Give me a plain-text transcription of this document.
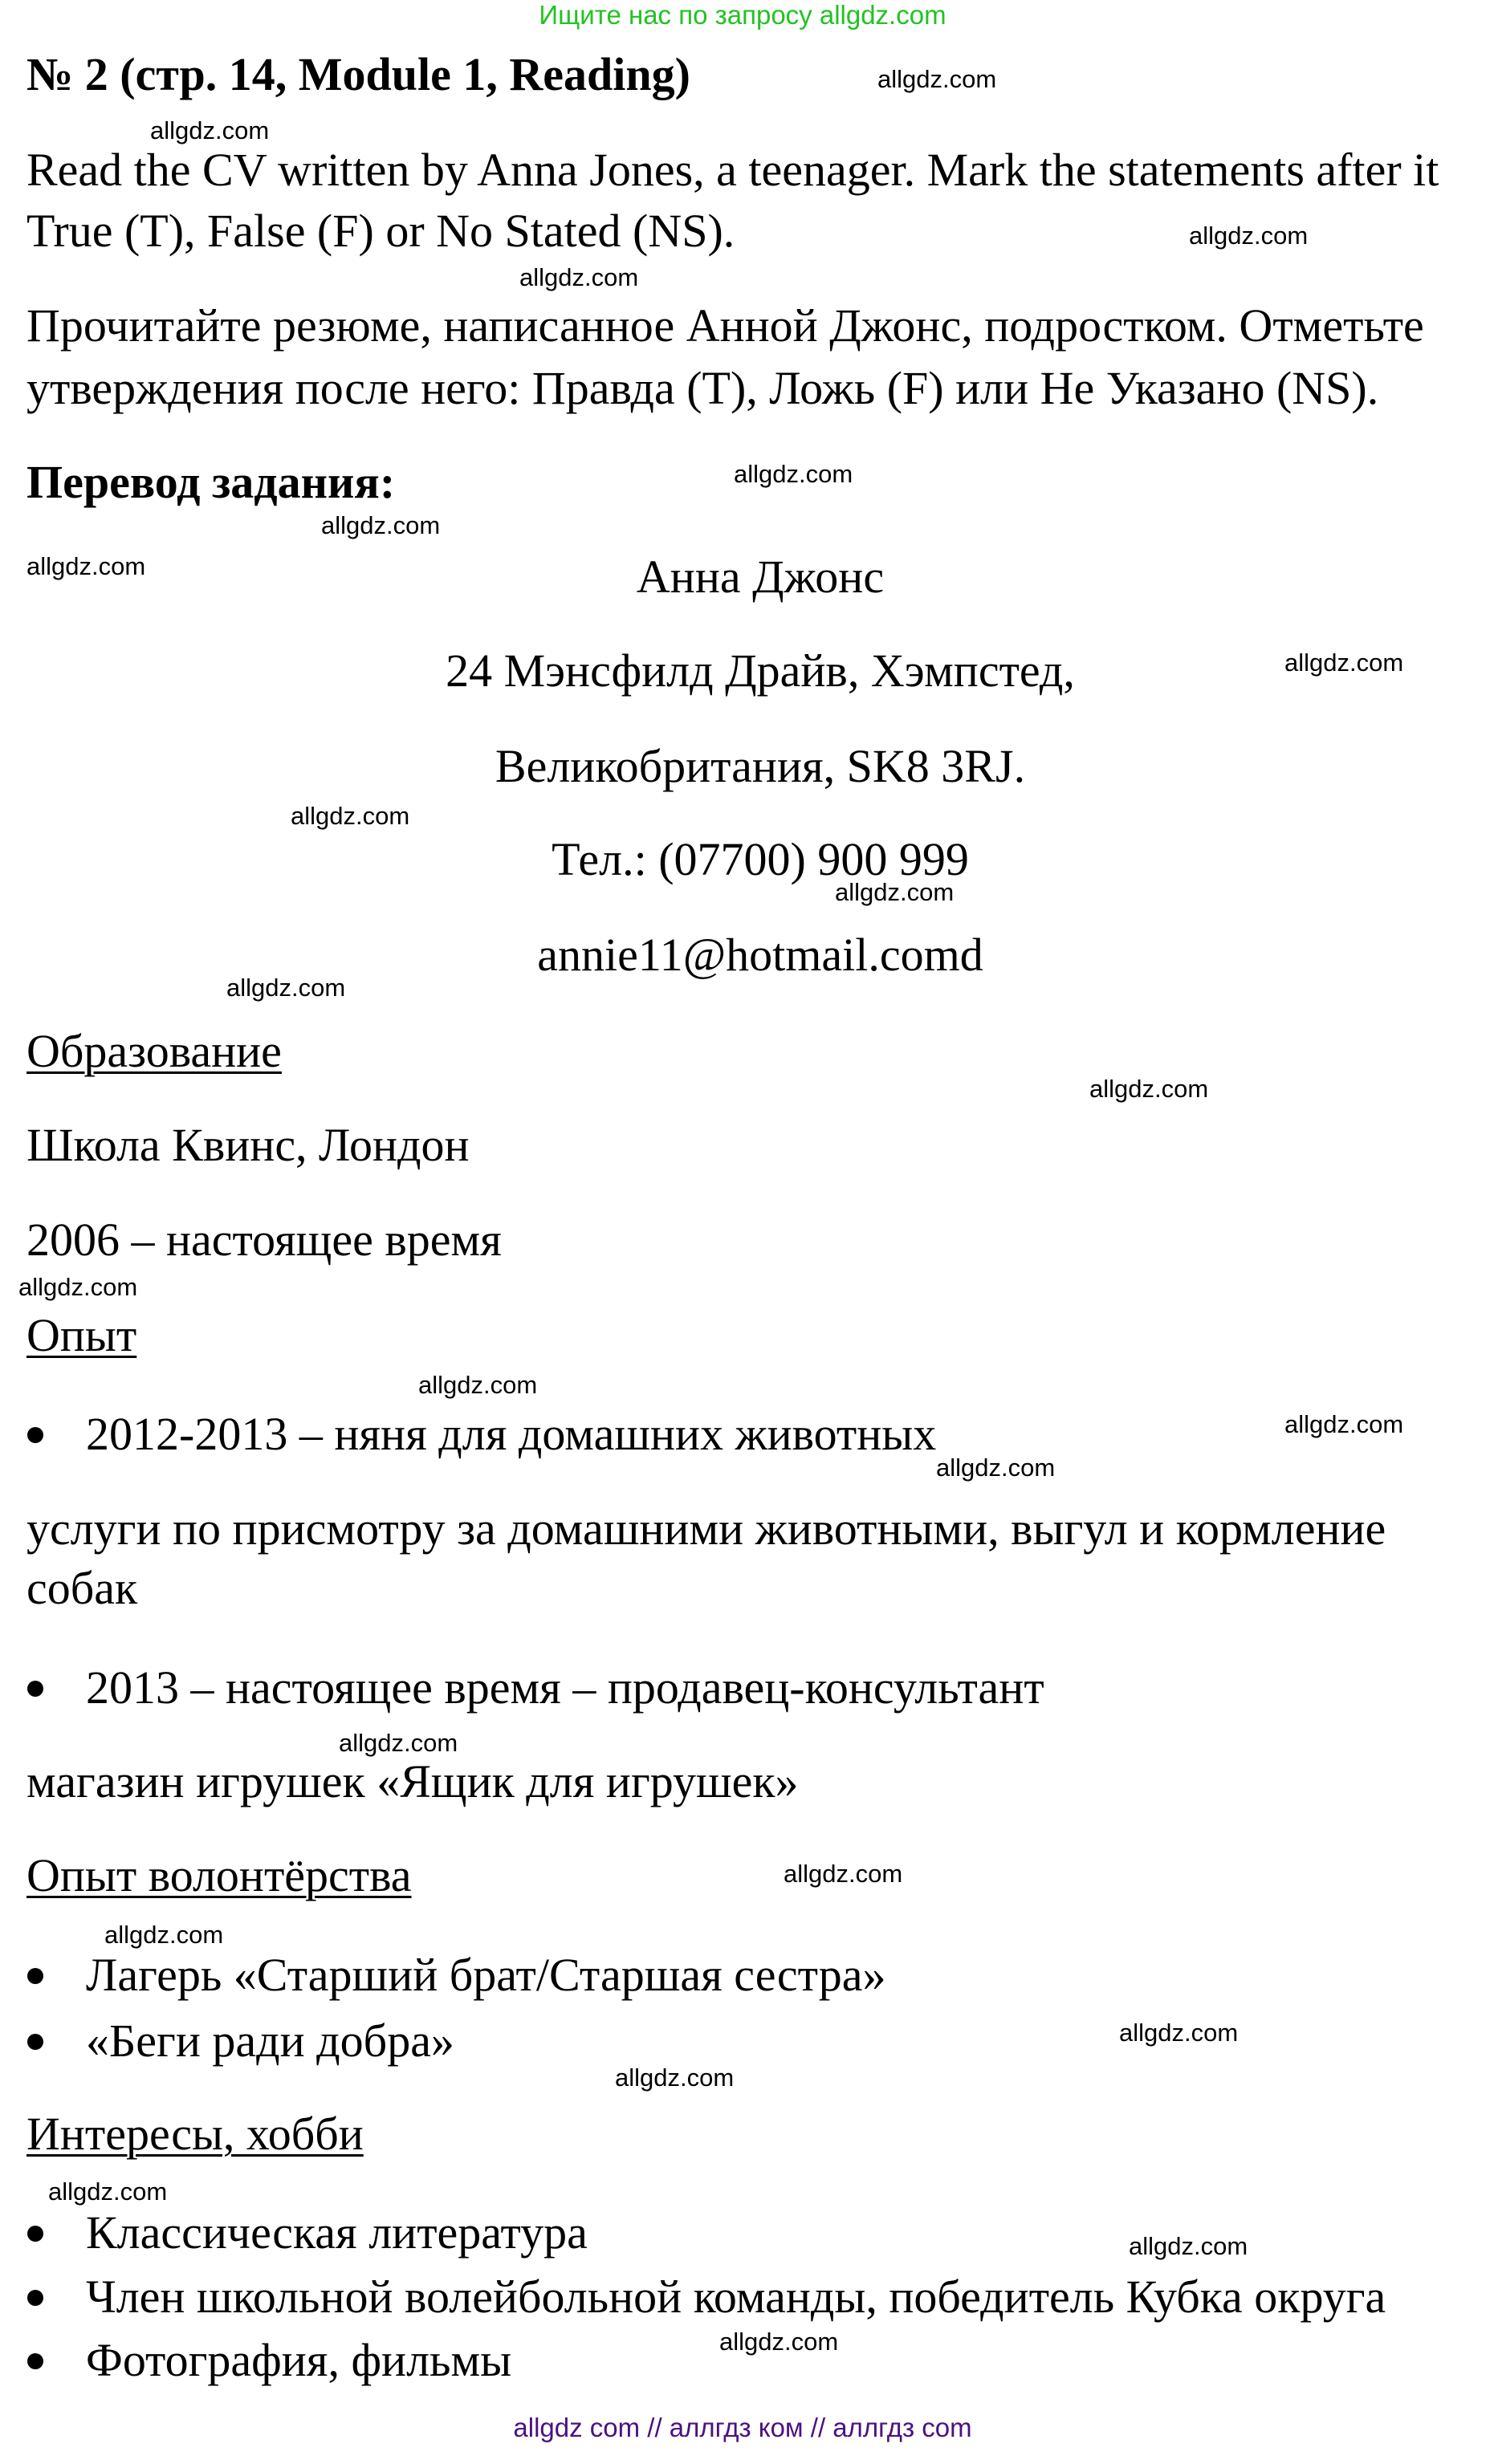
Ищите нас по запросу allgdz.com
№ 2 (стр. 14, Module 1, Reading)
Read the CV written by Anna Jones, a teenager. Mark the statements after it
True (T), False (F) or No Stated (NS).
Прочитайте резюме, написанное Анной Джонс, подростком. Отметьте
утверждения после него: Правда (T), Ложь (F) или Не Указано (NS).
Перевод задания:
Анна Джонс
24 Мэнсфилд Драйв, Хэмпстед,
Великобритания, SK8 3RJ.
Тел.: (07700) 900 999
annie11@hotmail.comd
Образование
Школа Квинс, Лондон
2006 – настоящее время
Опыт
2012-2013 – няня для домашних животных
услуги по присмотру за домашними животными, выгул и кормление
собак
2013 – настоящее время – продавец-консультант
магазин игрушек «Ящик для игрушек»
Опыт волонтёрства
Лагерь «Старший брат/Старшая сестра»
«Беги ради добра»
Интересы, хобби
Классическая литература
Член школьной волейбольной команды, победитель Кубка округа
Фотография, фильмы
allgdz.com
allgdz.com
allgdz.com
allgdz.com
allgdz.com
allgdz.com
allgdz.com
allgdz.com
allgdz.com
allgdz.com
allgdz.com
allgdz.com
allgdz.com
allgdz.com
allgdz.com
allgdz.com
allgdz.com
allgdz.com
allgdz.com
allgdz.com
allgdz.com
allgdz.com
allgdz.com
allgdz.com
allgdz com // аллгдз ком // аллгдз com
